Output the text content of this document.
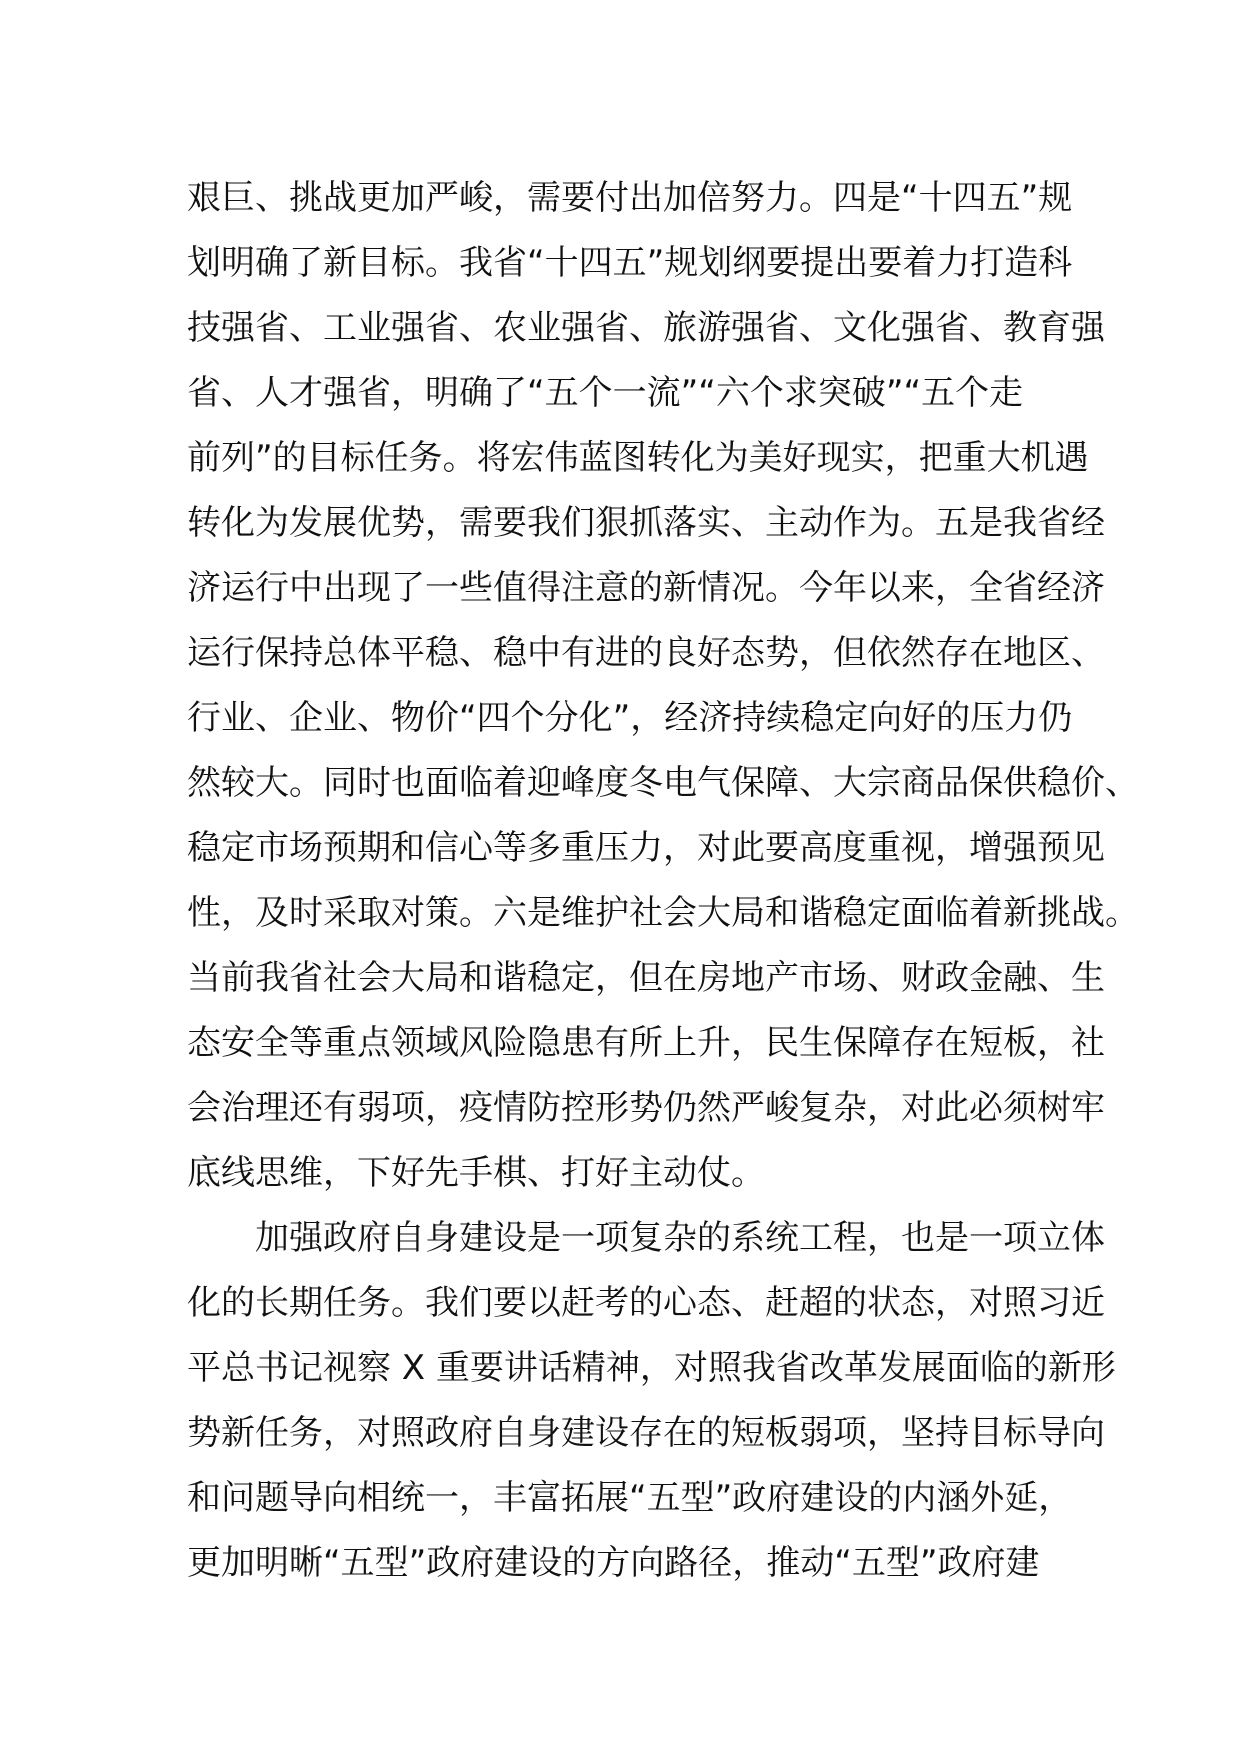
艰巨、挑战更加严峻，需要付出加倍努力。四是“十四五”规
划明确了新目标。我省“十四五”规划纲要提出要着力打造科
技强省、工业强省、农业强省、旅游强省、文化强省、教育强
省、人才强省，明确了“五个一流”“六个求突破”“五个走
前列”的目标任务。将宏伟蓝图转化为美好现实，把重大机遇
转化为发展优势，需要我们狠抓落实、主动作为。五是我省经
济运行中出现了一些值得注意的新情况。今年以来，全省经济
运行保持总体平稳、稳中有进的良好态势，但依然存在地区、
行业、企业、物价“四个分化”，经济持续稳定向好的压力仍
然较大。同时也面临着迎峰度冬电气保障、大宗商品保供稳价、
稳定市场预期和信心等多重压力，对此要高度重视，增强预见
性，及时采取对策。六是维护社会大局和谐稳定面临着新挑战。
当前我省社会大局和谐稳定，但在房地产市场、财政金融、生
态安全等重点领域风险隐患有所上升，民生保障存在短板，社
会治理还有弱项，疫情防控形势仍然严峻复杂，对此必须树牢
底线思维，下好先手棋、打好主动仗。
　　加强政府自身建设是一项复杂的系统工程，也是一项立体
化的长期任务。我们要以赶考的心态、赶超的状态，对照习近
平总书记视察 X 重要讲话精神，对照我省改革发展面临的新形
势新任务，对照政府自身建设存在的短板弱项，坚持目标导向
和问题导向相统一，丰富拓展“五型”政府建设的内涵外延，
更加明晰“五型”政府建设的方向路径，推动“五型”政府建
